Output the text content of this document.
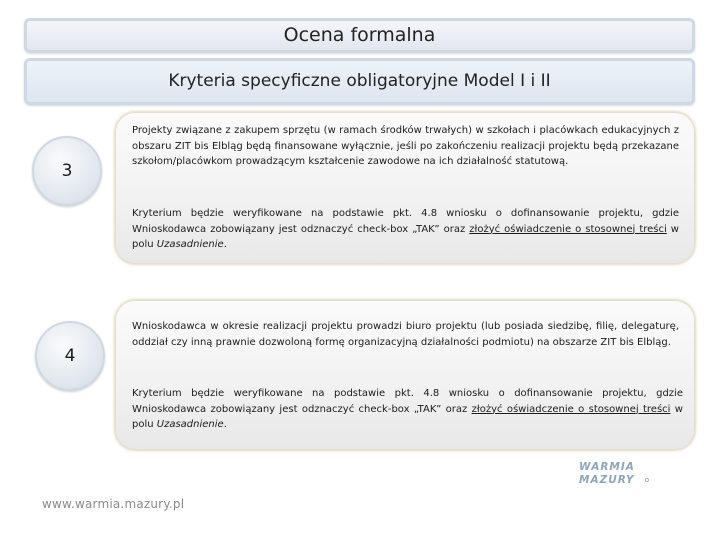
Ocena formalna
Kryteria specyficzne obligatoryjne Model I i II
3

Projekty związane z zakupem sprzętu (w ramach środków trwałych) w szkołach i placówkach edukacyjnych z obszaru ZIT bis Elbląg będą finansowane wyłącznie, jeśli po zakończeniu realizacji projektu będą przekazane szkołom/placówkom prowadzącym kształcenie zawodowe na ich działalność statutową.

Kryterium będzie weryfikowane na podstawie pkt. 4.8 wniosku o dofinansowanie projektu, gdzie Wnioskodawca zobowiązany jest odznaczyć check-box „TAK” oraz złożyć oświadczenie o stosownej treści w polu Uzasadnienie.

4

Wnioskodawca w okresie realizacji projektu prowadzi biuro projektu (lub posiada siedzibę, filię, delegaturę, oddział czy inną prawnie dozwoloną formę organizacyjną działalności podmiotu) na obszarze ZIT bis Elbląg.

Kryterium będzie weryfikowane na podstawie pkt. 4.8 wniosku o dofinansowanie projektu, gdzie Wnioskodawca zobowiązany jest odznaczyć check-box „TAK” oraz złożyć oświadczenie o stosownej treści w polu Uzasadnienie.

WARMIA
MAZURY
www.warmia.mazury.pl
